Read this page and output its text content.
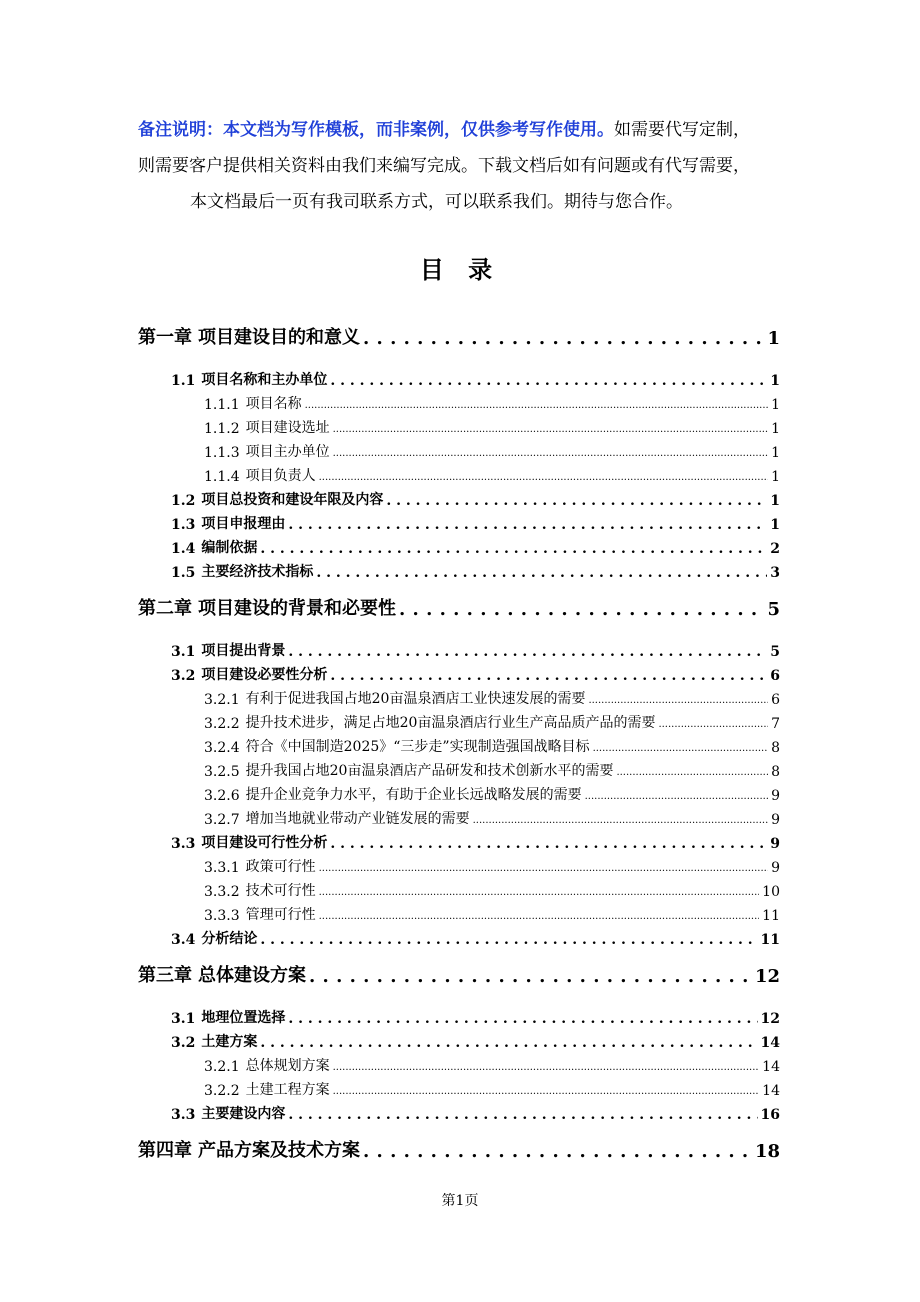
备注说明：本文档为写作模板，而非案例，仅供参考写作使用。如需要代写定制，

则需要客户提供相关资料由我们来编写完成。下载文档后如有问题或有代写需要，

本文档最后一页有我司联系方式，可以联系我们。期待与您合作。

目 录
第一章 项目建设目的和意义 . . .	1
1.1 项目名称和主办单位 . . .	1
1.1.1 项目名称 .....	1
1.1.2 项目建设选址 .....	1
1.1.3 项目主办单位 .....	1
1.1.4 项目负责人 .....	1
1.2 项目总投资和建设年限及内容 . . .	1
1.3 项目申报理由 . . .	1
1.4 编制依据 . . .	2
1.5 主要经济技术指标 . . .	3
第二章 项目建设的背景和必要性 . . .	5
3.1 项目提出背景 . . .	5
3.2 项目建设必要性分析 . . .	6
3.2.1 有利于促进我国占地20亩温泉酒店工业快速发展的需要 .....	6
3.2.2 提升技术进步，满足占地20亩温泉酒店行业生产高品质产品的需要 .....	7
3.2.4 符合《中国制造2025》“三步走”实现制造强国战略目标 .....	8
3.2.5 提升我国占地20亩温泉酒店产品研发和技术创新水平的需要 .....	8
3.2.6 提升企业竞争力水平，有助于企业长远战略发展的需要 .....	9
3.2.7 增加当地就业带动产业链发展的需要 .....	9
3.3 项目建设可行性分析 . . .	9
3.3.1 政策可行性 .....	9
3.3.2 技术可行性 .....	10
3.3.3 管理可行性 .....	11
3.4 分析结论 . . .	11
第三章 总体建设方案 . . .	12
3.1 地理位置选择 . . .	12
3.2 土建方案 . . .	14
3.2.1 总体规划方案 .....	14
3.2.2 土建工程方案 .....	14
3.3 主要建设内容 . . .	16
第四章 产品方案及技术方案 . . .	18
第1页
